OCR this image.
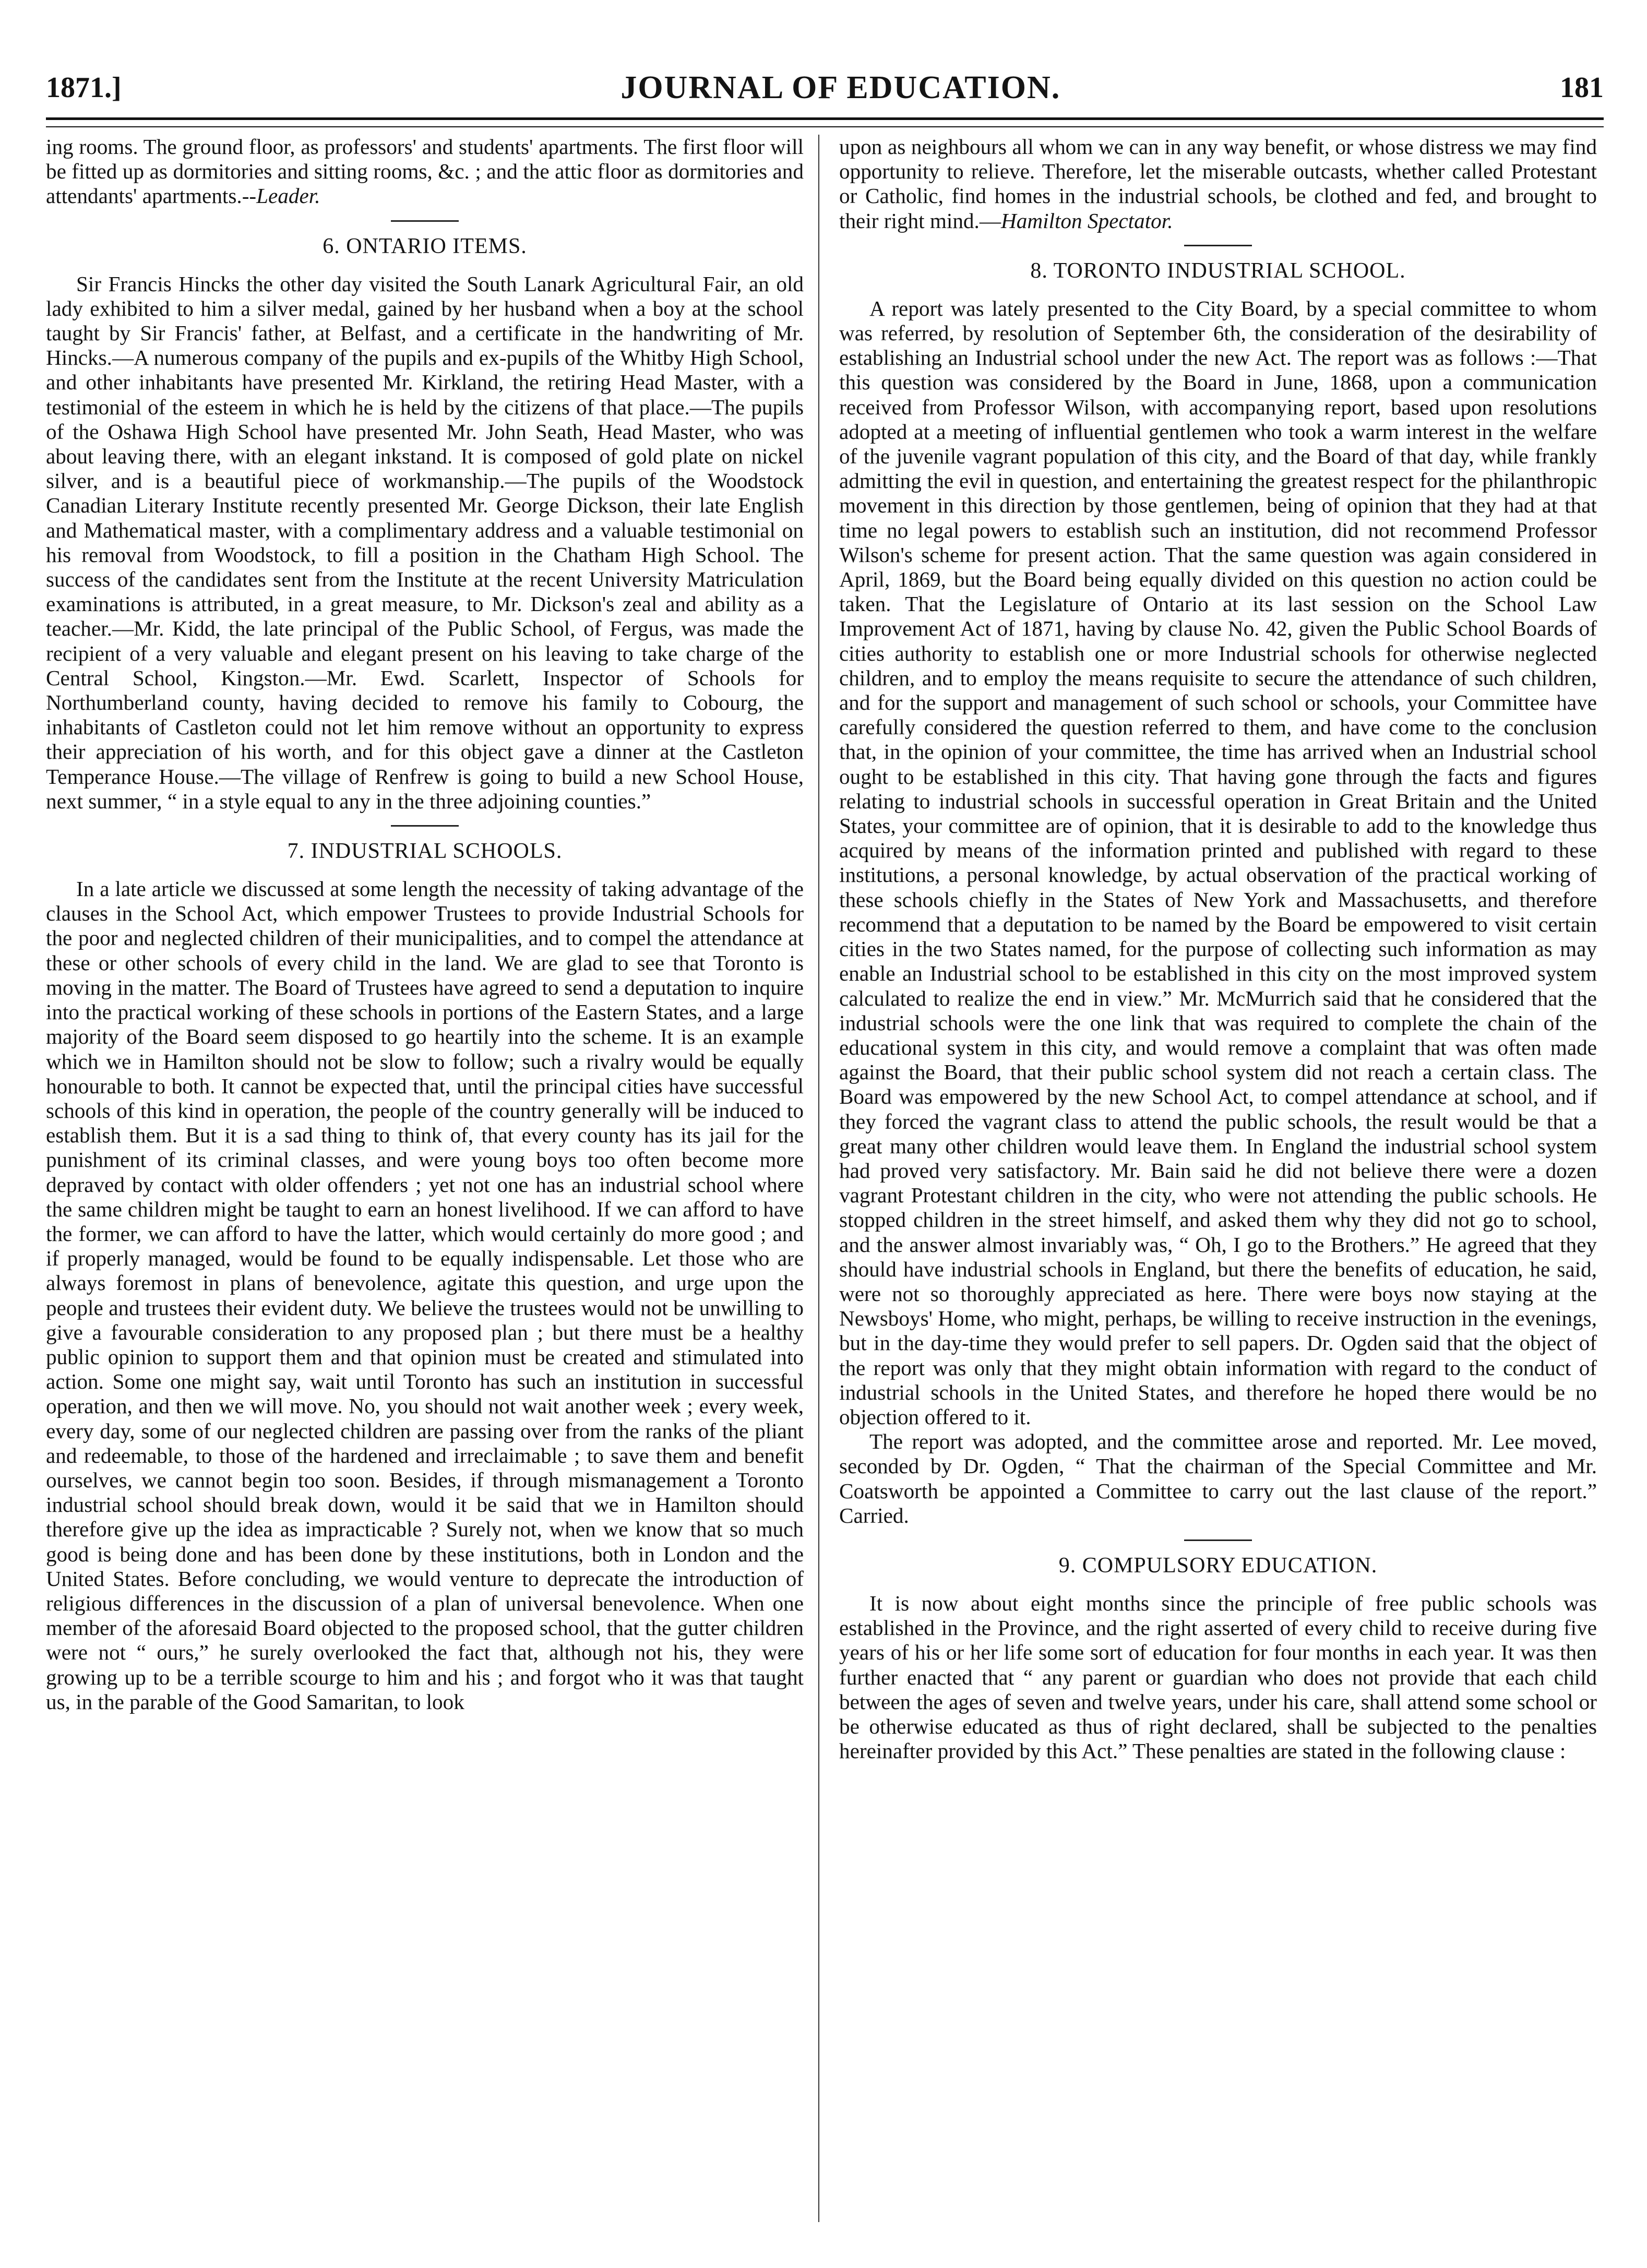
1871.]	JOURNAL OF EDUCATION.	181

ing rooms. The ground floor, as professors' and students' apartments. The first floor will be fitted up as dormitories and sitting rooms, &c. ; and the attic floor as dormitories and attendants' apartments.--Leader.

6. ONTARIO ITEMS.

Sir Francis Hincks the other day visited the South Lanark Agricultural Fair, an old lady exhibited to him a silver medal, gained by her husband when a boy at the school taught by Sir Francis' father, at Belfast, and a certificate in the handwriting of Mr. Hincks.—A numerous company of the pupils and ex-pupils of the Whitby High School, and other inhabitants have presented Mr. Kirkland, the retiring Head Master, with a testimonial of the esteem in which he is held by the citizens of that place.—The pupils of the Oshawa High School have presented Mr. John Seath, Head Master, who was about leaving there, with an elegant inkstand. It is composed of gold plate on nickel silver, and is a beautiful piece of workmanship.—The pupils of the Woodstock Canadian Literary Institute recently presented Mr. George Dickson, their late English and Mathematical master, with a complimentary address and a valuable testimonial on his removal from Woodstock, to fill a position in the Chatham High School. The success of the candidates sent from the Institute at the recent University Matriculation examinations is attributed, in a great measure, to Mr. Dickson's zeal and ability as a teacher.—Mr. Kidd, the late principal of the Public School, of Fergus, was made the recipient of a very valuable and elegant present on his leaving to take charge of the Central School, Kingston.—Mr. Ewd. Scarlett, Inspector of Schools for Northumberland county, having decided to remove his family to Cobourg, the inhabitants of Castleton could not let him remove without an opportunity to express their appreciation of his worth, and for this object gave a dinner at the Castleton Temperance House.—The village of Renfrew is going to build a new School House, next summer, “ in a style equal to any in the three adjoining counties.”

7. INDUSTRIAL SCHOOLS.

In a late article we discussed at some length the necessity of taking advantage of the clauses in the School Act, which empower Trustees to provide Industrial Schools for the poor and neglected children of their municipalities, and to compel the attendance at these or other schools of every child in the land. We are glad to see that Toronto is moving in the matter. The Board of Trustees have agreed to send a deputation to inquire into the practical working of these schools in portions of the Eastern States, and a large majority of the Board seem disposed to go heartily into the scheme. It is an example which we in Hamilton should not be slow to follow; such a rivalry would be equally honourable to both. It cannot be expected that, until the principal cities have successful schools of this kind in operation, the people of the country generally will be induced to establish them. But it is a sad thing to think of, that every county has its jail for the punishment of its criminal classes, and were young boys too often become more depraved by contact with older offenders ; yet not one has an industrial school where the same children might be taught to earn an honest livelihood. If we can afford to have the former, we can afford to have the latter, which would certainly do more good ; and if properly managed, would be found to be equally indispensable. Let those who are always foremost in plans of benevolence, agitate this question, and urge upon the people and trustees their evident duty. We believe the trustees would not be unwilling to give a favourable consideration to any proposed plan ; but there must be a healthy public opinion to support them and that opinion must be created and stimulated into action. Some one might say, wait until Toronto has such an institution in successful operation, and then we will move. No, you should not wait another week ; every week, every day, some of our neglected children are passing over from the ranks of the pliant and redeemable, to those of the hardened and irreclaimable ; to save them and benefit ourselves, we cannot begin too soon. Besides, if through mismanagement a Toronto industrial school should break down, would it be said that we in Hamilton should therefore give up the idea as impracticable ? Surely not, when we know that so much good is being done and has been done by these institutions, both in London and the United States. Before concluding, we would venture to deprecate the introduction of religious differences in the discussion of a plan of universal benevolence. When one member of the aforesaid Board objected to the proposed school, that the gutter children were not “ ours,” he surely overlooked the fact that, although not his, they were growing up to be a terrible scourge to him and his ; and forgot who it was that taught us, in the parable of the Good Samaritan, to look

upon as neighbours all whom we can in any way benefit, or whose distress we may find opportunity to relieve. Therefore, let the miserable outcasts, whether called Protestant or Catholic, find homes in the industrial schools, be clothed and fed, and brought to their right mind.—Hamilton Spectator.

8. TORONTO INDUSTRIAL SCHOOL.

A report was lately presented to the City Board, by a special committee to whom was referred, by resolution of September 6th, the consideration of the desirability of establishing an Industrial school under the new Act. The report was as follows :—That this question was considered by the Board in June, 1868, upon a communication received from Professor Wilson, with accompanying report, based upon resolutions adopted at a meeting of influential gentlemen who took a warm interest in the welfare of the juvenile vagrant population of this city, and the Board of that day, while frankly admitting the evil in question, and entertaining the greatest respect for the philanthropic movement in this direction by those gentlemen, being of opinion that they had at that time no legal powers to establish such an institution, did not recommend Professor Wilson's scheme for present action. That the same question was again considered in April, 1869, but the Board being equally divided on this question no action could be taken. That the Legislature of Ontario at its last session on the School Law Improvement Act of 1871, having by clause No. 42, given the Public School Boards of cities authority to establish one or more Industrial schools for otherwise neglected children, and to employ the means requisite to secure the attendance of such children, and for the support and management of such school or schools, your Committee have carefully considered the question referred to them, and have come to the conclusion that, in the opinion of your committee, the time has arrived when an Industrial school ought to be established in this city. That having gone through the facts and figures relating to industrial schools in successful operation in Great Britain and the United States, your committee are of opinion, that it is desirable to add to the knowledge thus acquired by means of the information printed and published with regard to these institutions, a personal knowledge, by actual observation of the practical working of these schools chiefly in the States of New York and Massachusetts, and therefore recommend that a deputation to be named by the Board be empowered to visit certain cities in the two States named, for the purpose of collecting such information as may enable an Industrial school to be established in this city on the most improved system calculated to realize the end in view.” Mr. McMurrich said that he considered that the industrial schools were the one link that was required to complete the chain of the educational system in this city, and would remove a complaint that was often made against the Board, that their public school system did not reach a certain class. The Board was empowered by the new School Act, to compel attendance at school, and if they forced the vagrant class to attend the public schools, the result would be that a great many other children would leave them. In England the industrial school system had proved very satisfactory. Mr. Bain said he did not believe there were a dozen vagrant Protestant children in the city, who were not attending the public schools. He stopped children in the street himself, and asked them why they did not go to school, and the answer almost invariably was, “ Oh, I go to the Brothers.” He agreed that they should have industrial schools in England, but there the benefits of education, he said, were not so thoroughly appreciated as here. There were boys now staying at the Newsboys' Home, who might, perhaps, be willing to receive instruction in the evenings, but in the day-time they would prefer to sell papers. Dr. Ogden said that the object of the report was only that they might obtain information with regard to the conduct of industrial schools in the United States, and therefore he hoped there would be no objection offered to it.

The report was adopted, and the committee arose and reported. Mr. Lee moved, seconded by Dr. Ogden, “ That the chairman of the Special Committee and Mr. Coatsworth be appointed a Committee to carry out the last clause of the report.” Carried.

9. COMPULSORY EDUCATION.

It is now about eight months since the principle of free public schools was established in the Province, and the right asserted of every child to receive during five years of his or her life some sort of education for four months in each year. It was then further enacted that “ any parent or guardian who does not provide that each child between the ages of seven and twelve years, under his care, shall attend some school or be otherwise educated as thus of right declared, shall be subjected to the penalties hereinafter provided by this Act.” These penalties are stated in the following clause :
